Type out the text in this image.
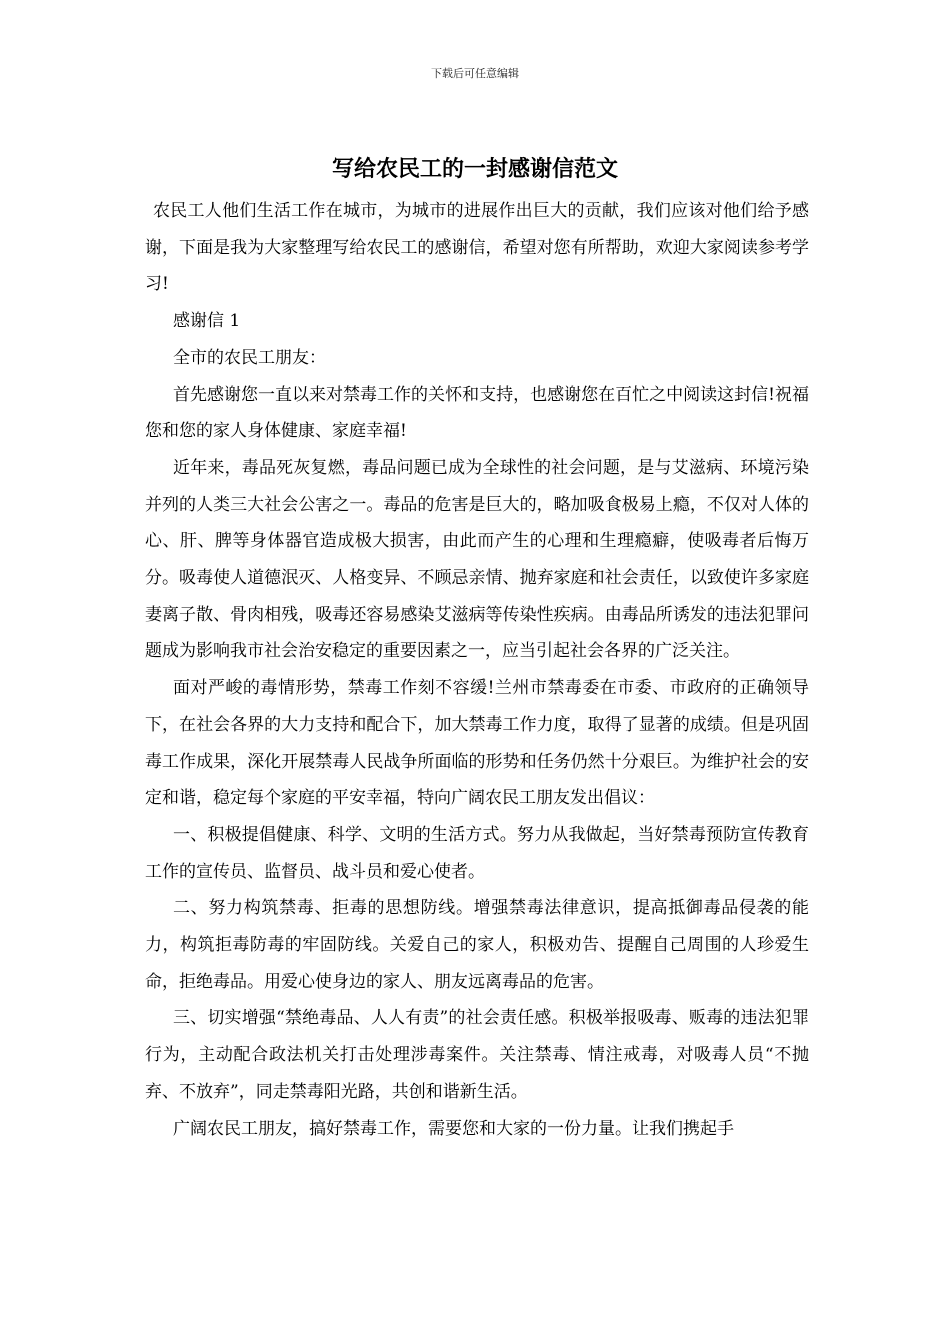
下载后可任意编辑
写给农民工的一封感谢信范文

农民工人他们生活工作在城市，为城市的进展作出巨大的贡献，我们应该对他们给予感谢，下面是我为大家整理写给农民工的感谢信，希望对您有所帮助，欢迎大家阅读参考学习!

感谢信 1

全市的农民工朋友：

首先感谢您一直以来对禁毒工作的关怀和支持，也感谢您在百忙之中阅读这封信!祝福您和您的家人身体健康、家庭幸福!

近年来，毒品死灰复燃，毒品问题已成为全球性的社会问题，是与艾滋病、环境污染并列的人类三大社会公害之一。毒品的危害是巨大的，略加吸食极易上瘾，不仅对人体的心、肝、脾等身体器官造成极大损害，由此而产生的心理和生理瘾癖，使吸毒者后悔万分。吸毒使人道德泯灭、人格变异、不顾忌亲情、抛弃家庭和社会责任，以致使许多家庭妻离子散、骨肉相残，吸毒还容易感染艾滋病等传染性疾病。由毒品所诱发的违法犯罪问题成为影响我市社会治安稳定的重要因素之一，应当引起社会各界的广泛关注。

面对严峻的毒情形势，禁毒工作刻不容缓!兰州市禁毒委在市委、市政府的正确领导下，在社会各界的大力支持和配合下，加大禁毒工作力度，取得了显著的成绩。但是巩固毒工作成果，深化开展禁毒人民战争所面临的形势和任务仍然十分艰巨。为维护社会的安定和谐，稳定每个家庭的平安幸福，特向广阔农民工朋友发出倡议：

一、积极提倡健康、科学、文明的生活方式。努力从我做起，当好禁毒预防宣传教育工作的宣传员、监督员、战斗员和爱心使者。

二、努力构筑禁毒、拒毒的思想防线。增强禁毒法律意识，提高抵御毒品侵袭的能力，构筑拒毒防毒的牢固防线。关爱自己的家人，积极劝告、提醒自己周围的人珍爱生命，拒绝毒品。用爱心使身边的家人、朋友远离毒品的危害。

三、切实增强“禁绝毒品、人人有责”的社会责任感。积极举报吸毒、贩毒的违法犯罪行为，主动配合政法机关打击处理涉毒案件。关注禁毒、情注戒毒，对吸毒人员“不抛弃、不放弃”，同走禁毒阳光路，共创和谐新生活。

广阔农民工朋友，搞好禁毒工作，需要您和大家的一份力量。让我们携起手
